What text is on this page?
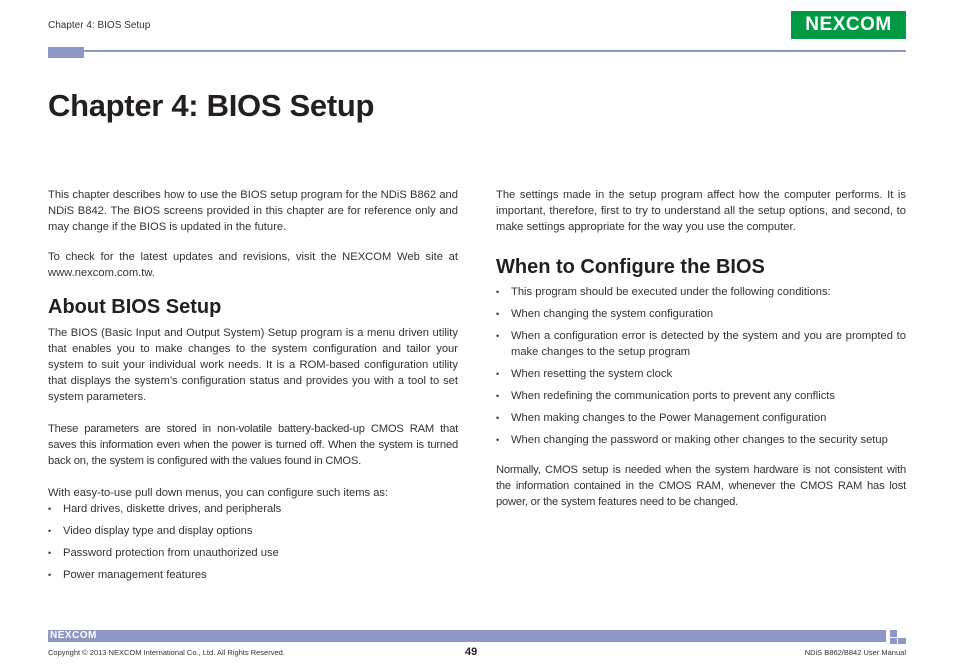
Chapter 4: BIOS Setup	NEXCOM
Chapter 4: BIOS Setup

This chapter describes how to use the BIOS setup program for the NDiS B862 and NDiS B842. The BIOS screens provided in this chapter are for reference only and may change if the BIOS is updated in the future.

To check for the latest updates and revisions, visit the NEXCOM Web site at www.nexcom.com.tw.

About BIOS Setup

The BIOS (Basic Input and Output System) Setup program is a menu driven utility that enables you to make changes to the system configuration and tailor your system to suit your individual work needs. It is a ROM-based configuration utility that displays the system’s configuration status and provides you with a tool to set system parameters.

These parameters are stored in non-volatile battery-backed-up CMOS RAM that saves this information even when the power is turned off. When the system is turned back on, the system is configured with the values found in CMOS.

With easy-to-use pull down menus, you can configure such items as:

• Hard drives, diskette drives, and peripherals
• Video display type and display options
• Password protection from unauthorized use
• Power management features

The settings made in the setup program affect how the computer performs. It is important, therefore, first to try to understand all the setup options, and second, to make settings appropriate for the way you use the computer.

When to Configure the BIOS
• This program should be executed under the following conditions:
• When changing the system configuration
• When a configuration error is detected by the system and you are prompted to make changes to the setup program
• When resetting the system clock
• When redefining the communication ports to prevent any conflicts
• When making changes to the Power Management configuration
• When changing the password or making other changes to the security setup

Normally, CMOS setup is needed when the system hardware is not consistent with the information contained in the CMOS RAM, whenever the CMOS RAM has lost power, or the system features need to be changed.

NEXCOM
Copyright © 2013 NEXCOM International Co., Ltd. All Rights Reserved.	49	NDiS B862/B842 User Manual
